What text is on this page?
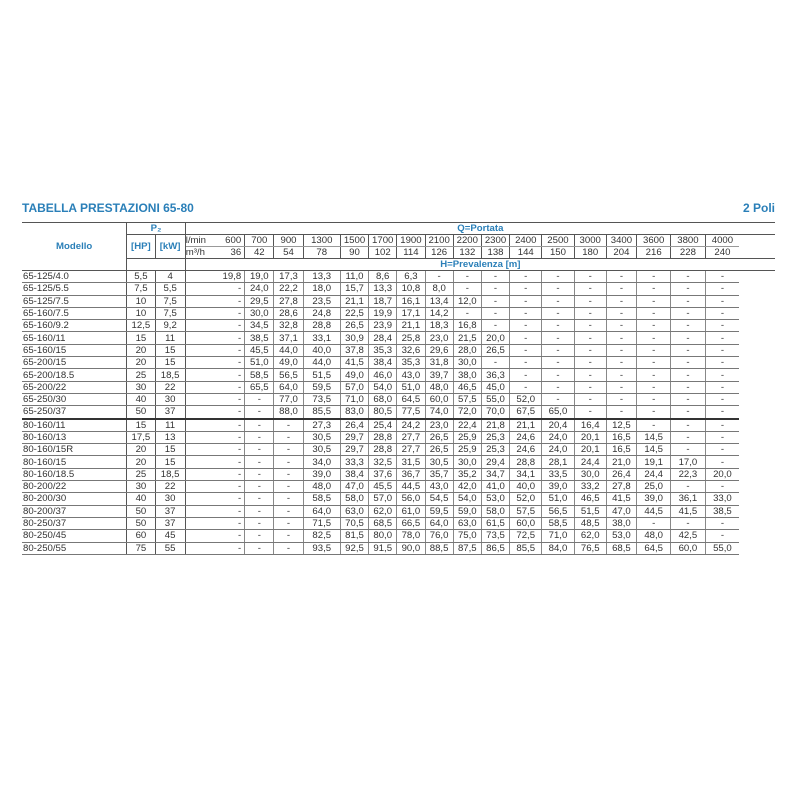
TABELLA PRESTAZIONI 65-80	2 Poli
Modello	P₂		Q=Portata																
	[HP]	[kW]	l/min 600	700	900	1300	1500	1700	1900	2100	2200	2300	2400	2500	3000	3400	3600	3800	4000
			m³/h 36	42	54	78	90	102	114	126	132	138	144	150	180	204	216	228	240
			H=Prevalenza [m]																
65-125/4.0	5,5	4	19,8	19,0	17,3	13,3	11,0	8,6	6,3	-	-	-	-	-	-	-	-	-	-
65-125/5.5	7,5	5,5	-	24,0	22,2	18,0	15,7	13,3	10,8	8,0	-	-	-	-	-	-	-	-	-
65-125/7.5	10	7,5	-	29,5	27,8	23,5	21,1	18,7	16,1	13,4	12,0	-	-	-	-	-	-	-	-
65-160/7.5	10	7,5	-	30,0	28,6	24,8	22,5	19,9	17,1	14,2	-	-	-	-	-	-	-	-	-
65-160/9.2	12,5	9,2	-	34,5	32,8	28,8	26,5	23,9	21,1	18,3	16,8	-	-	-	-	-	-	-	-
65-160/11	15	11	-	38,5	37,1	33,1	30,9	28,4	25,8	23,0	21,5	20,0	-	-	-	-	-	-	-
65-160/15	20	15	-	45,5	44,0	40,0	37,8	35,3	32,6	29,6	28,0	26,5	-	-	-	-	-	-	-
65-200/15	20	15	-	51,0	49,0	44,0	41,5	38,4	35,3	31,8	30,0	-	-	-	-	-	-	-	-
65-200/18.5	25	18,5	-	58,5	56,5	51,5	49,0	46,0	43,0	39,7	38,0	36,3	-	-	-	-	-	-	-
65-200/22	30	22	-	65,5	64,0	59,5	57,0	54,0	51,0	48,0	46,5	45,0	-	-	-	-	-	-	-
65-250/30	40	30	-	-	77,0	73,5	71,0	68,0	64,5	60,0	57,5	55,0	52,0	-	-	-	-	-	-
65-250/37	50	37	-	-	88,0	85,5	83,0	80,5	77,5	74,0	72,0	70,0	67,5	65,0	-	-	-	-	-
80-160/11	15	11	-	-	-	27,3	26,4	25,4	24,2	23,0	22,4	21,8	21,1	20,4	16,4	12,5	-	-	-
80-160/13	17,5	13	-	-	-	30,5	29,7	28,8	27,7	26,5	25,9	25,3	24,6	24,0	20,1	16,5	14,5	-	-
80-160/15R	20	15	-	-	-	30,5	29,7	28,8	27,7	26,5	25,9	25,3	24,6	24,0	20,1	16,5	14,5	-	-
80-160/15	20	15	-	-	-	34,0	33,3	32,5	31,5	30,5	30,0	29,4	28,8	28,1	24,4	21,0	19,1	17,0	-
80-160/18.5	25	18,5	-	-	-	39,0	38,4	37,6	36,7	35,7	35,2	34,7	34,1	33,5	30,0	26,4	24,4	22,3	20,0
80-200/22	30	22	-	-	-	48,0	47,0	45,5	44,5	43,0	42,0	41,0	40,0	39,0	33,2	27,8	25,0	-	-
80-200/30	40	30	-	-	-	58,5	58,0	57,0	56,0	54,5	54,0	53,0	52,0	51,0	46,5	41,5	39,0	36,1	33,0
80-200/37	50	37	-	-	-	64,0	63,0	62,0	61,0	59,5	59,0	58,0	57,5	56,5	51,5	47,0	44,5	41,5	38,5
80-250/37	50	37	-	-	-	71,5	70,5	68,5	66,5	64,0	63,0	61,5	60,0	58,5	48,5	38,0	-	-	-
80-250/45	60	45	-	-	-	82,5	81,5	80,0	78,0	76,0	75,0	73,5	72,5	71,0	62,0	53,0	48,0	42,5	-
80-250/55	75	55	-	-	-	93,5	92,5	91,5	90,0	88,5	87,5	86,5	85,5	84,0	76,5	68,5	64,5	60,0	55,0
